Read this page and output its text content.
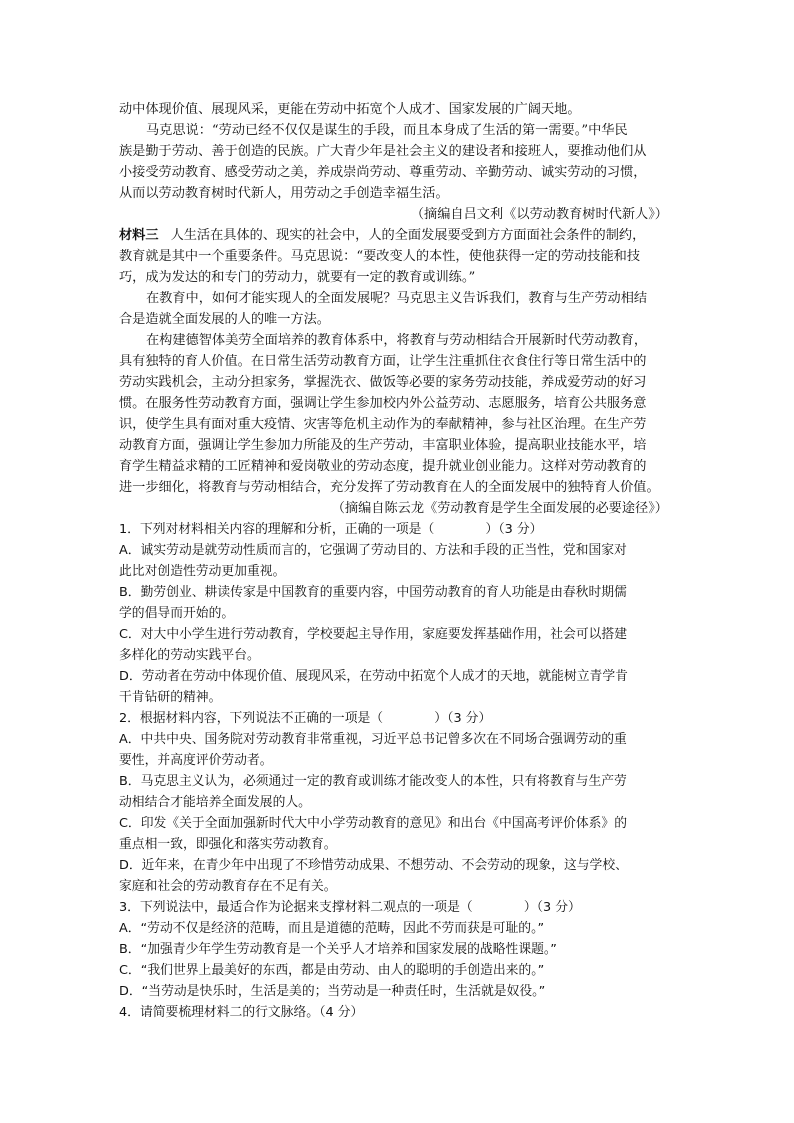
动中体现价值、展现风采，更能在劳动中拓宽个人成才、国家发展的广阔天地。
马克思说：“劳动已经不仅仅是谋生的手段，而且本身成了生活的第一需要。”中华民
族是勤于劳动、善于创造的民族。广大青少年是社会主义的建设者和接班人，要推动他们从
小接受劳动教育、感受劳动之美，养成崇尚劳动、尊重劳动、辛勤劳动、诚实劳动的习惯，
从而以劳动教育树时代新人，用劳动之手创造幸福生活。
（摘编自吕文利《以劳动教育树时代新人》）
材料三 人生活在具体的、现实的社会中，人的全面发展要受到方方面面社会条件的制约，
教育就是其中一个重要条件。马克思说：“要改变人的本性，使他获得一定的劳动技能和技
巧，成为发达的和专门的劳动力，就要有一定的教育或训练。”
在教育中，如何才能实现人的全面发展呢？马克思主义告诉我们，教育与生产劳动相结
合是造就全面发展的人的唯一方法。
在构建德智体美劳全面培养的教育体系中，将教育与劳动相结合开展新时代劳动教育，
具有独特的育人价值。在日常生活劳动教育方面，让学生注重抓住衣食住行等日常生活中的
劳动实践机会，主动分担家务，掌握洗衣、做饭等必要的家务劳动技能，养成爱劳动的好习
惯。在服务性劳动教育方面，强调让学生参加校内外公益劳动、志愿服务，培育公共服务意
识，使学生具有面对重大疫情、灾害等危机主动作为的奉献精神，参与社区治理。在生产劳
动教育方面，强调让学生参加力所能及的生产劳动，丰富职业体验，提高职业技能水平，培
育学生精益求精的工匠精神和爱岗敬业的劳动态度，提升就业创业能力。这样对劳动教育的
进一步细化，将教育与劳动相结合，充分发挥了劳动教育在人的全面发展中的独特育人价值。
（摘编自陈云龙《劳动教育是学生全面发展的必要途径》）
1．下列对材料相关内容的理解和分析，正确的一项是（　　　　）（3 分）
A．诚实劳动是就劳动性质而言的，它强调了劳动目的、方法和手段的正当性，党和国家对
此比对创造性劳动更加重视。
B．勤劳创业、耕读传家是中国教育的重要内容，中国劳动教育的育人功能是由春秋时期儒
学的倡导而开始的。
C．对大中小学生进行劳动教育，学校要起主导作用，家庭要发挥基础作用，社会可以搭建
多样化的劳动实践平台。
D．劳动者在劳动中体现价值、展现风采，在劳动中拓宽个人成才的天地，就能树立青学肯
干肯钻研的精神。
2．根据材料内容，下列说法不正确的一项是（　　　　）（3 分）
A．中共中央、国务院对劳动教育非常重视，习近平总书记曾多次在不同场合强调劳动的重
要性，并高度评价劳动者。
B．马克思主义认为，必须通过一定的教育或训练才能改变人的本性，只有将教育与生产劳
动相结合才能培养全面发展的人。
C．印发《关于全面加强新时代大中小学劳动教育的意见》和出台《中国高考评价体系》的
重点相一致，即强化和落实劳动教育。
D．近年来，在青少年中出现了不珍惜劳动成果、不想劳动、不会劳动的现象，这与学校、
家庭和社会的劳动教育存在不足有关。
3．下列说法中，最适合作为论据来支撑材料二观点的一项是（　　　　）（3 分）
A．“劳动不仅是经济的范畴，而且是道德的范畴，因此不劳而获是可耻的。”
B．“加强青少年学生劳动教育是一个关乎人才培养和国家发展的战略性课题。”
C．“我们世界上最美好的东西，都是由劳动、由人的聪明的手创造出来的。”
D．“当劳动是快乐时，生活是美的；当劳动是一种责任时，生活就是奴役。”
4．请简要梳理材料二的行文脉络。（4 分）
